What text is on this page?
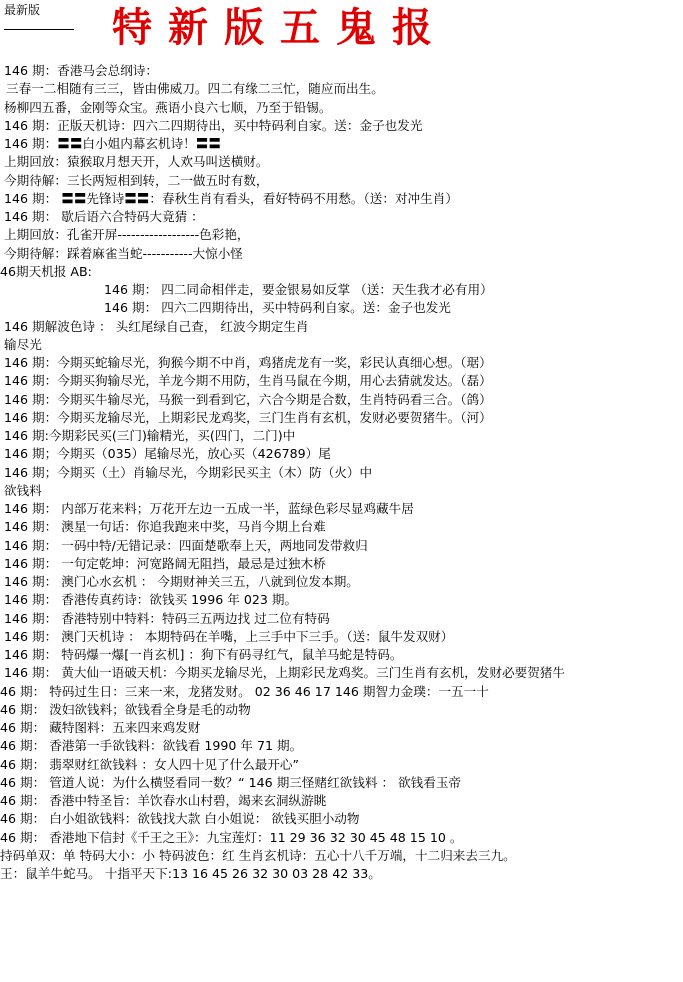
最新版	特新版五鬼报
146 期：香港马会总纲诗：
三春一二相随有三三，皆由佛威刀。四二有缘二三忙，随应而出生。
杨柳四五番，金刚等众宝。燕语小良六七顺，乃至于铅锡。
146 期：正版天机诗：四六二四期待出，买中特码利自家。送：金子也发光
146 期：〓〓白小姐内幕玄机诗！〓〓
上期回放：猿猴取月想天开，人欢马叫送横财。
今期待解：三长两短相到转，二一做五时有数，
146 期： 〓〓先锋诗〓〓：春秋生肖有看头，看好特码不用愁。（送：对冲生肖）
146 期： 歇后语六合特码大竟猜 ：
上期回放：孔雀开屏------------------色彩艳，
今期待解：踩着麻雀当蛇-----------大惊小怪
46期天机报 AB:
146 期： 四二同命相伴走，要金银易如反掌 （送：天生我才必有用）
146 期： 四六二四期待出，买中特码利自家。送：金子也发光
146 期解波色诗 ： 头红尾绿自己查， 红波今期定生肖
输尽光
146 期：今期买蛇输尽光，狗猴今期不中肖，鸡猪虎龙有一奖，彩民认真细心想。（琚）
146 期：今期买狗输尽光，羊龙今期不用防，生肖马鼠在今期，用心去猜就发达。（磊）
146 期：今期买牛输尽光，马猴一到看到它，六合今期是合数，生肖特码看三合。（鸽）
146 期：今期买龙输尽光，上期彩民龙鸡奖，三门生肖有玄机，发财必要贺猪牛。（河）
146 期:今期彩民买(三门)输精光，买(四门，二门)中
146 期；今期买（035）尾输尽光，放心买（426789）尾
146 期；今期买（土）肖输尽光，今期彩民买主（木）防（火）中
欲钱料
146 期： 内部万花来料；万花开左边一五成一半，蓝绿色彩尽显鸡藏牛居
146 期： 澳星一句话：你追我跑来中奖，马肖今期上台难
146 期： 一码中特/无错记录：四面楚歌奉上天，两地同发带救归
146 期： 一句定乾坤：河宽路阔无阻挡，最忌是过独木桥
146 期： 澳门心水玄机 ： 今期财神关三五，八就到位发本期。
146 期： 香港传真药诗：欲钱买 1996 年 023 期。
146 期： 香港特别中特料：特码三五两边找 过二位有特码
146 期： 澳门天机诗 ： 本期特码在羊嘴，上三手中下三手。（送：鼠牛发双财）
146 期： 特码爆一爆[一肖玄机] ：狗下有码寻红气，鼠羊马蛇是特码。
146 期： 黄大仙一语破天机：今期买龙输尽光，上期彩民龙鸡奖。三门生肖有玄机，发财必要贺猪牛
46 期： 特码过生日：三来一来，龙猪发财。 02 36 46 17 146 期智力金璞：一五一十
46 期： 泼妇欲钱料；欲钱看全身是毛的动物
46 期： 藏特图料：五来四来鸡发财
46 期： 香港第一手欲钱料：欲钱看 1990 年 71 期。
46 期： 翡翠财红欲钱料 ：女人四十见了什么最开心”
46 期： 管道人说：为什么横竖看同一数？“ 146 期三怪赌红欲钱料 ： 欲钱看玉帝
46 期： 香港中特圣旨：羊饮春水山村碧，竭来玄洞纵游眺
46 期： 白小姐欲钱料：欲钱找大款 白小姐说： 欲钱买胆小动物
46 期： 香港地下信封《千王之王》：九宝莲灯：11 29 36 32 30 45 48 15 10 。
持码单双：单 特码大小：小 特码波色：红 生肖玄机诗：五心十八千万端，十二归来去三九。
王：鼠羊牛蛇马。 十指平天下:13 16 45 26 32 30 03 28 42 33。
